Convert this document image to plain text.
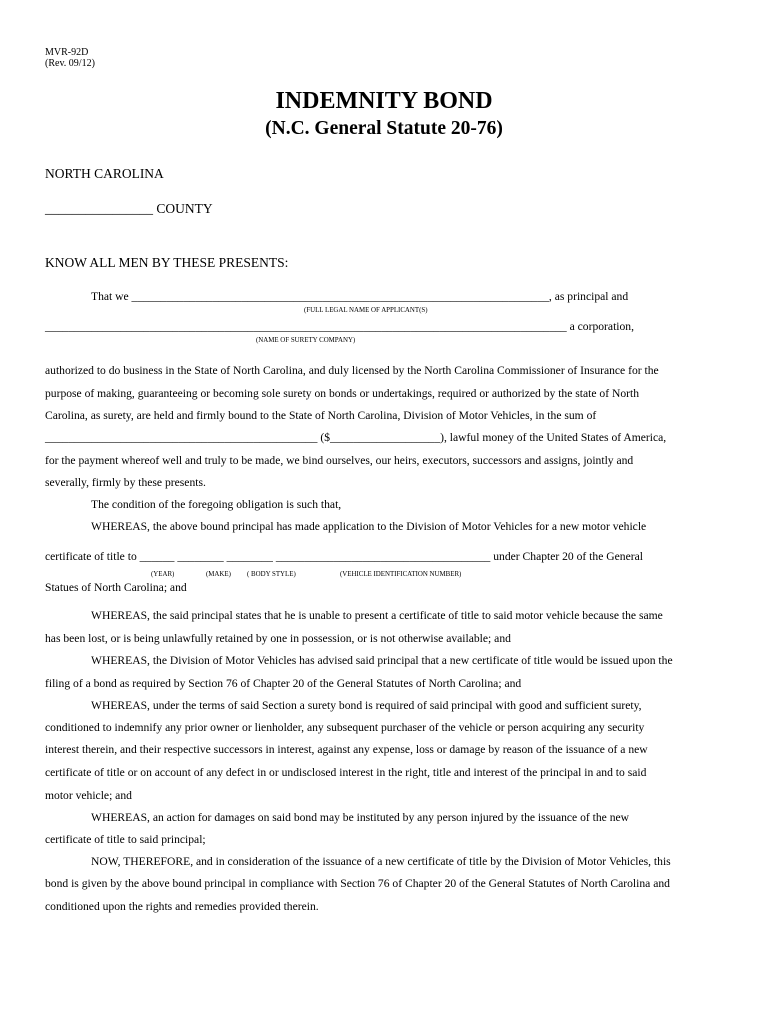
MVR-92D
(Rev. 09/12)
INDEMNITY BOND
(N.C. General Statute 20-76)
NORTH CAROLINA
________________ COUNTY
KNOW ALL MEN BY THESE PRESENTS:
That we ________________________________________________________________________, as principal and
(FULL LEGAL NAME OF APPLICANT(S)
__________________________________________________________________________________________ a corporation,
(NAME OF SURETY COMPANY)
authorized to do business in the State of North Carolina, and duly licensed by the North Carolina Commissioner of Insurance for the
purpose of making, guaranteeing or becoming sole surety on bonds or undertakings, required or authorized by the state of North
Carolina, as surety, are held and firmly bound to the State of North Carolina, Division of Motor Vehicles, in the sum of
_______________________________________________ ($___________________), lawful money of the United States of America,
for the payment whereof well and truly to be made, we bind ourselves, our heirs, executors, successors and assigns, jointly and
severally, firmly by these presents.
The condition of the foregoing obligation is such that,
WHEREAS, the above bound principal has made application to the Division of Motor Vehicles for a new motor vehicle
certificate of title to ______ ________ ________ _____________________________________ under Chapter 20 of the General
(YEAR)	(MAKE) ( BODY STYLE)	(VEHICLE IDENTIFICATION NUMBER)
Statues of North Carolina; and
WHEREAS, the said principal states that he is unable to present a certificate of title to said motor vehicle because the same
has been lost, or is being unlawfully retained by one in possession, or is not otherwise available; and
WHEREAS, the Division of Motor Vehicles has advised said principal that a new certificate of title would be issued upon the
filing of a bond as required by Section 76 of Chapter 20 of the General Statutes of North Carolina; and
WHEREAS, under the terms of said Section a surety bond is required of said principal with good and sufficient surety,
conditioned to indemnify any prior owner or lienholder, any subsequent purchaser of the vehicle or person acquiring any security
interest therein, and their respective successors in interest, against any expense, loss or damage by reason of the issuance of a new
certificate of title or on account of any defect in or undisclosed interest in the right, title and interest of the principal in and to said
motor vehicle; and
WHEREAS, an action for damages on said bond may be instituted by any person injured by the issuance of the new
certificate of title to said principal;
NOW, THEREFORE, and in consideration of the issuance of a new certificate of title by the Division of Motor Vehicles, this
bond is given by the above bound principal in compliance with Section 76 of Chapter 20 of the General Statutes of North Carolina and
conditioned upon the rights and remedies provided therein.
